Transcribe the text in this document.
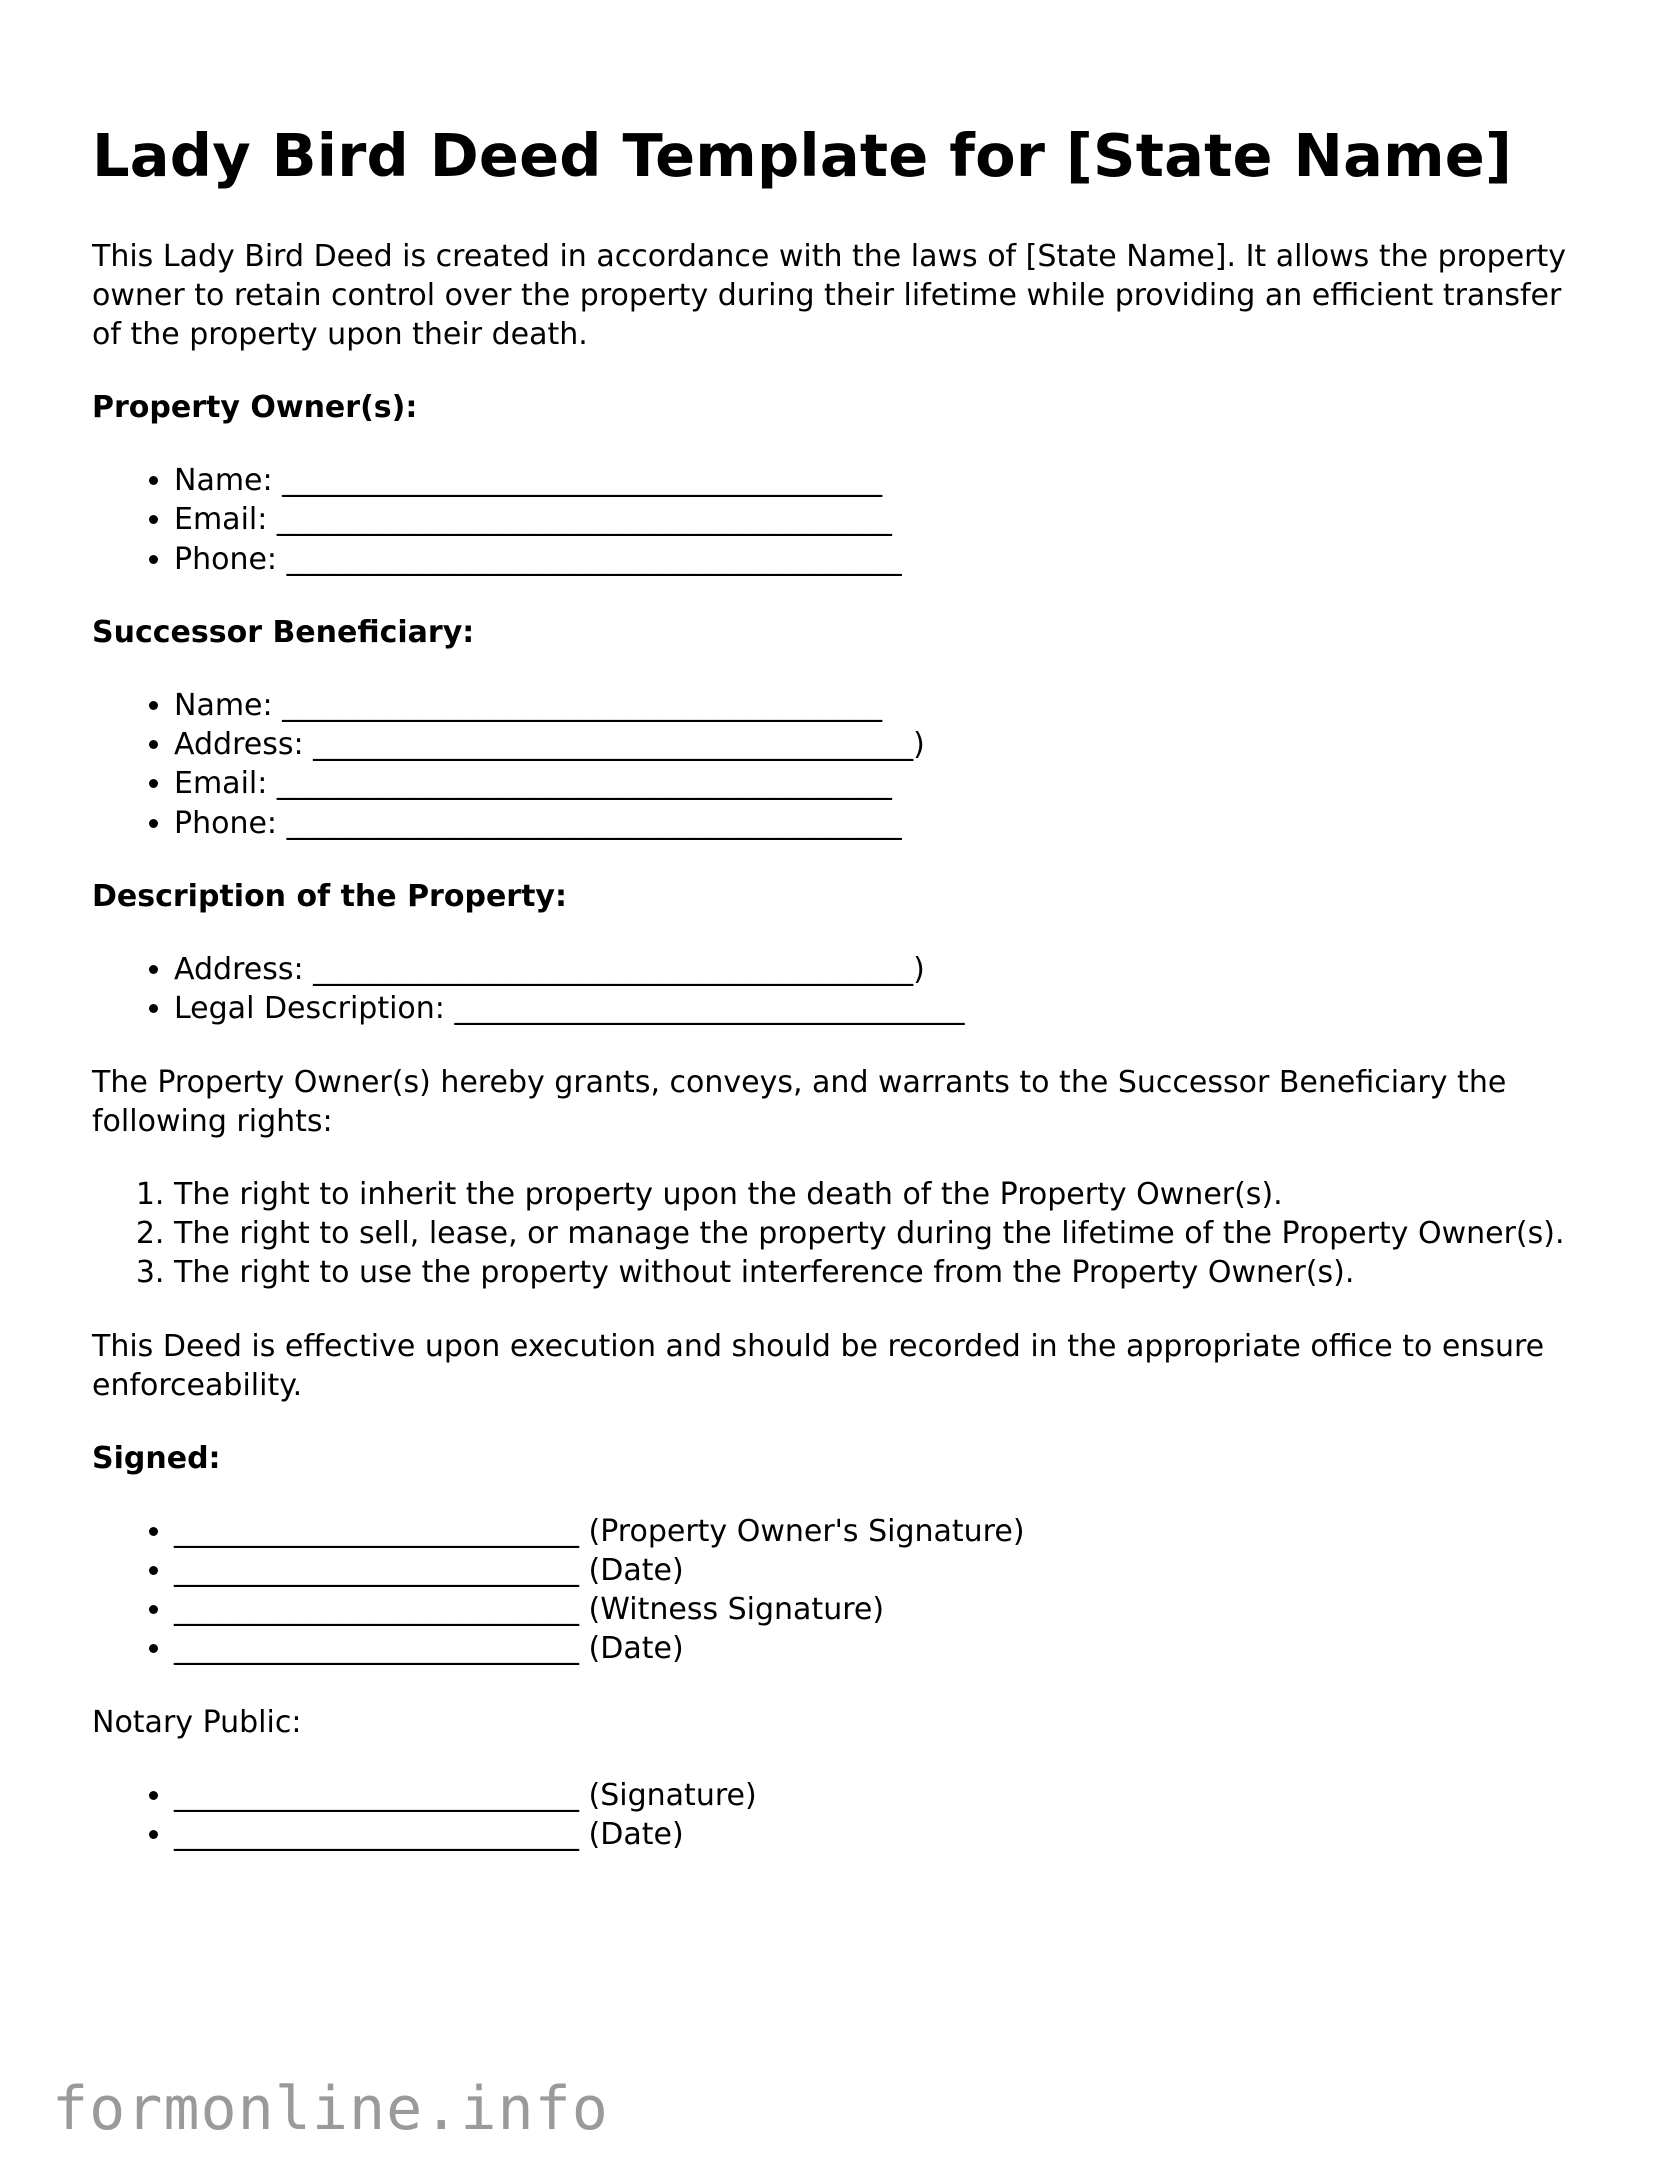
Lady Bird Deed Template for [State Name]

This Lady Bird Deed is created in accordance with the laws of [State Name]. It allows the property owner to retain control over the property during their lifetime while providing an efficient transfer of the property upon their death.

Property Owner(s):
• Name: ________________________________________
• Email: _________________________________________
• Phone: _________________________________________
Successor Beneficiary:
• Name: ________________________________________
• Address: ________________________________________)
• Email: _________________________________________
• Phone: _________________________________________
Description of the Property:
• Address: ________________________________________)
• Legal Description: __________________________________

The Property Owner(s) hereby grants, conveys, and warrants to the Successor Beneficiary the following rights:

1. The right to inherit the property upon the death of the Property Owner(s).
2. The right to sell, lease, or manage the property during the lifetime of the Property Owner(s).
3. The right to use the property without interference from the Property Owner(s).

This Deed is effective upon execution and should be recorded in the appropriate office to ensure enforceability.

Signed:
• ___________________________ (Property Owner's Signature)
• ___________________________ (Date)
• ___________________________ (Witness Signature)
• ___________________________ (Date)
Notary Public:
• ___________________________ (Signature)
• ___________________________ (Date)
formonline.info
